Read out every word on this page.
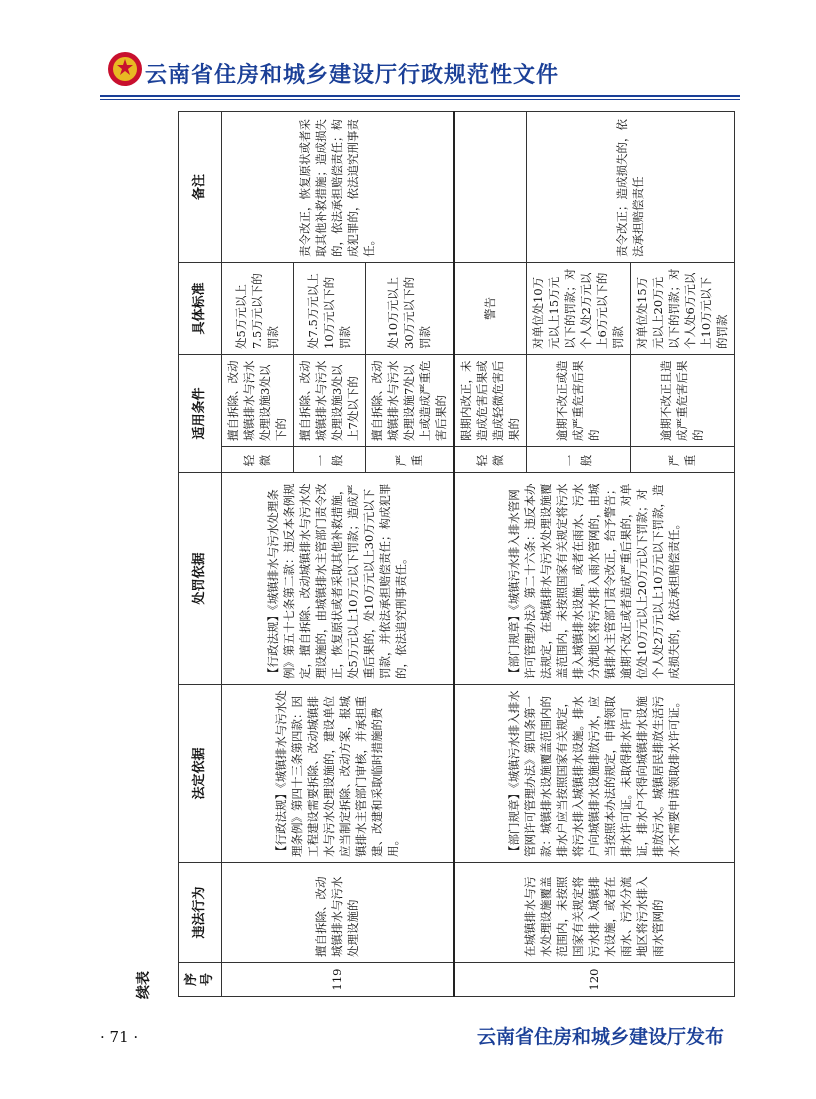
云南省住房和城乡建设厅行政规范性文件
续表 序号	违法行为	法定依据	处罚依据	适用条件		具体标准	备注
119	擅自拆除、改动城镇排水与污水处理设施的	【行政法规】《城镇排水与污水处理条例》第四十三条第四款：因工程建设需要拆除、改动城镇排水与污水处理设施的，建设单位应当制定拆除、改动方案，报城镇排水主管部门审核，并承担重建、改建和采取临时措施的费用。	【行政法规】《城镇排水与污水处理条例》第五十七条第二款：违反本条例规定，擅自拆除、改动城镇排水与污水处理设施的，由城镇排水主管部门责令改正，恢复原状或者采取其他补救措施，处5万元以上10万元以下罚款；造成严重后果的，处10万元以上30万元以下罚款，并依法承担赔偿责任；构成犯罪的，依法追究刑事责任。	轻微	擅自拆除、改动城镇排水与污水处理设施3处以下的	处5万元以上7.5万元以下的罚款	责令改正，恢复原状或者采取其他补救措施；造成损失的，依法承担赔偿责任；构成犯罪的，依法追究刑事责任。
				一般	擅自拆除、改动城镇排水与污水处理设施3处以上7处以下的	处7.5万元以上10万元以下的罚款	
				严重	擅自拆除、改动城镇排水与污水处理设施7处以上或造成严重危害后果的	处10万元以上30万元以下的罚款	
120	在城镇排水与污水处理设施覆盖范围内，未按照国家有关规定将污水排入城镇排水设施，或者在雨水、污水分流地区将污水排入雨水管网的	【部门规章】《城镇污水排入排水管网许可管理办法》第四条第一款：城镇排水设施覆盖范围内的排水户应当按照国家有关规定，将污水排入城镇排水设施。排水户向城镇排水设施排放污水，应当按照本办法的规定，申请领取排水许可证。未取得排水许可证，排水户不得向城镇排水设施排放污水。城镇居民排放生活污水不需要申请领取排水许可证。	【部门规章】《城镇污水排入排水管网许可管理办法》第二十六条：违反本办法规定，在城镇排水与污水处理设施覆盖范围内，未按照国家有关规定将污水排入城镇排水设施，或者在雨水、污水分流地区将污水排入雨水管网的，由城镇排水主管部门责令改正，给予警告；逾期不改正或者造成严重后果的，对单位处10万元以上20万元以下罚款；对个人处2万元以上10万元以下罚款，造成损失的，依法承担赔偿责任。	轻微	限期内改正，未造成危害后果或造成轻微危害后果的	警告	
				一般	逾期不改正或造成严重危害后果的	对单位处10万元以上15万元以下的罚款；对个人处2万元以上6万元以下的罚款	责令改正；造成损失的，依法承担赔偿责任
				严重	逾期不改正且造成严重危害后果的	对单位处15万元以上20万元以下的罚款；对个人处6万元以上10万元以下的罚款	
· 71 ·	云南省住房和城乡建设厅发布
